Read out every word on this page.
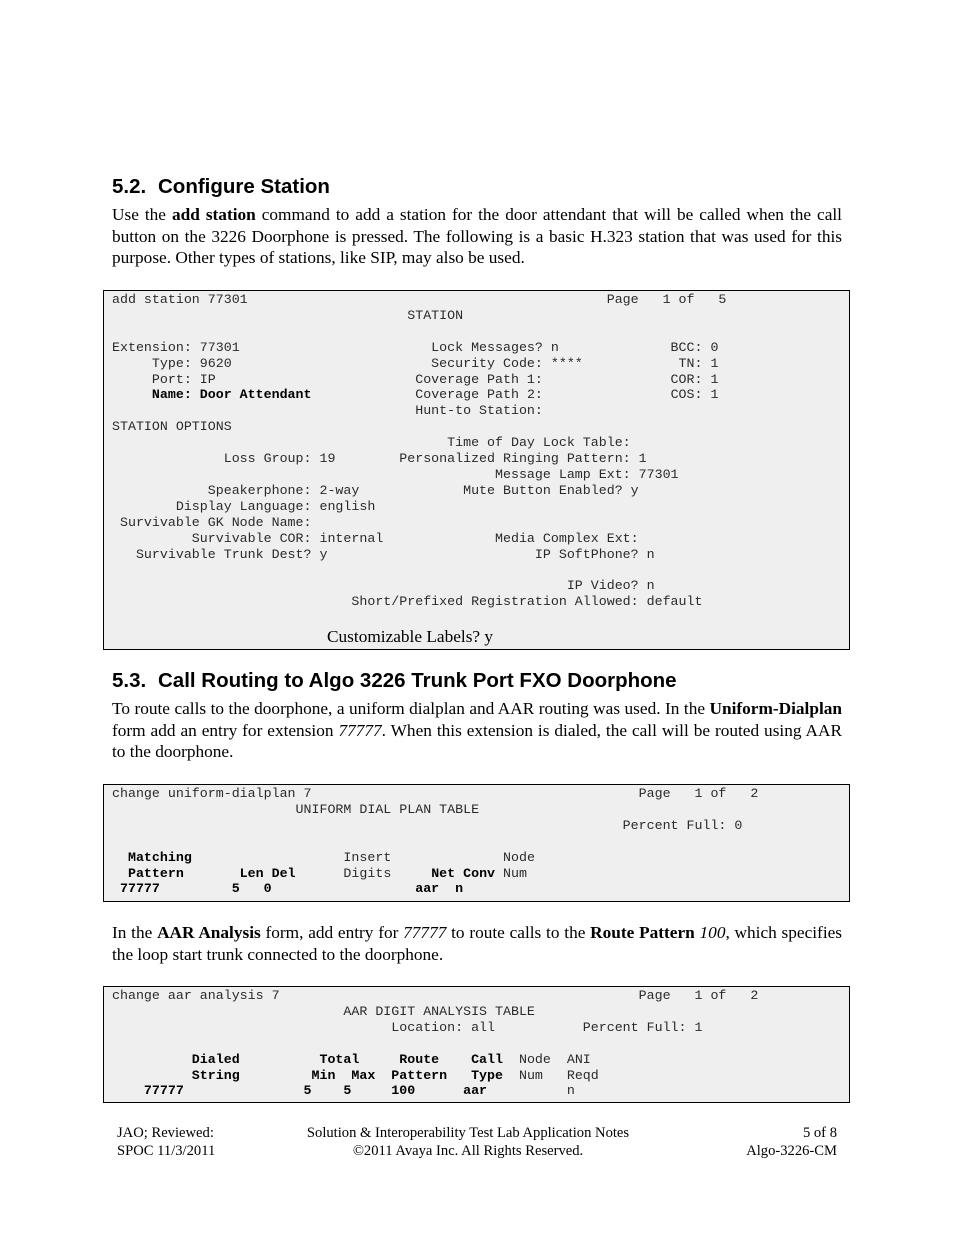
5.2. Configure Station

Use the add station command to add a station for the door attendant that will be called when the call button on the 3226 Doorphone is pressed. The following is a basic H.323 station that was used for this purpose. Other types of stations, like SIP, may also be used.

add station 77301                                             Page   1 of   5
STATION

Extension: 77301                        Lock Messages? n              BCC: 0
Type: 9620                         Security Code: ****            TN: 1
Port: IP                         Coverage Path 1:                COR: 1
Name: Door Attendant             Coverage Path 2:                COS: 1
Hunt-to Station:
STATION OPTIONS
Time of Day Lock Table:
Loss Group: 19        Personalized Ringing Pattern: 1
Message Lamp Ext: 77301
Speakerphone: 2-way             Mute Button Enabled? y
Display Language: english
Survivable GK Node Name:
Survivable COR: internal              Media Complex Ext:
Survivable Trunk Dest? y                          IP SoftPhone? n

IP Video? n
Short/Prefixed Registration Allowed: default
Customizable Labels? y
5.3. Call Routing to Algo 3226 Trunk Port FXO Doorphone

To route calls to the doorphone, a uniform dialplan and AAR routing was used. In the Uniform-Dialplan form add an entry for extension 77777. When this extension is dialed, the call will be routed using AAR to the doorphone.

change uniform-dialplan 7                                         Page   1 of   2
UNIFORM DIAL PLAN TABLE
Percent Full: 0

Matching                   Insert              Node
Pattern       Len Del      Digits     Net Conv Num
77777         5   0                  aar  n

In the AAR Analysis form, add entry for 77777 to route calls to the Route Pattern 100, which specifies the loop start trunk connected to the doorphone.

change aar analysis 7                                             Page   1 of   2
AAR DIGIT ANALYSIS TABLE
Location: all           Percent Full: 1

Dialed          Total     Route    Call  Node  ANI
String         Min  Max  Pattern   Type  Num   Reqd
77777               5    5     100      aar          n
JAO; Reviewed:
SPOC 11/3/2011
Solution & Interoperability Test Lab Application Notes
©2011 Avaya Inc. All Rights Reserved.
5 of 8
Algo-3226-CM
